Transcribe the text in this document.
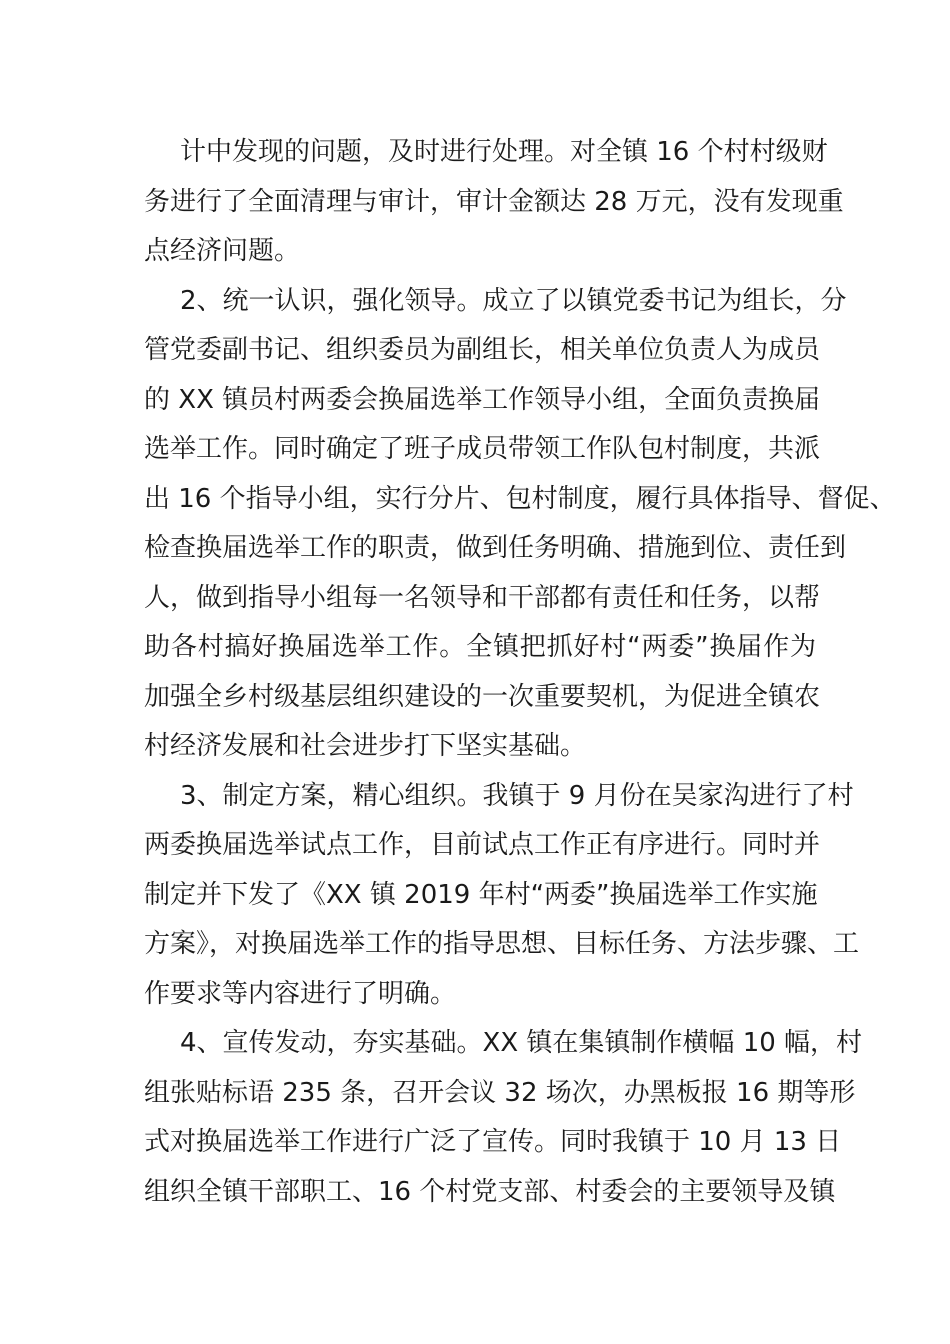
计中发现的问题，及时进行处理。对全镇 16 个村村级财
务进行了全面清理与审计，审计金额达 28 万元，没有发现重
点经济问题。
2、统一认识，强化领导。成立了以镇党委书记为组长，分
管党委副书记、组织委员为副组长，相关单位负责人为成员
的 XX 镇员村两委会换届选举工作领导小组，全面负责换届
选举工作。同时确定了班子成员带领工作队包村制度，共派
出 16 个指导小组，实行分片、包村制度，履行具体指导、督促、
检查换届选举工作的职责，做到任务明确、措施到位、责任到
人，做到指导小组每一名领导和干部都有责任和任务，以帮
助各村搞好换届选举工作。全镇把抓好村“两委”换届作为
加强全乡村级基层组织建设的一次重要契机，为促进全镇农
村经济发展和社会进步打下坚实基础。
3、制定方案，精心组织。我镇于 9 月份在吴家沟进行了村
两委换届选举试点工作，目前试点工作正有序进行。同时并
制定并下发了《XX 镇 2019 年村“两委”换届选举工作实施
方案》，对换届选举工作的指导思想、目标任务、方法步骤、工
作要求等内容进行了明确。
4、宣传发动，夯实基础。XX 镇在集镇制作横幅 10 幅，村
组张贴标语 235 条，召开会议 32 场次，办黑板报 16 期等形
式对换届选举工作进行广泛了宣传。同时我镇于 10 月 13 日
组织全镇干部职工、16 个村党支部、村委会的主要领导及镇
